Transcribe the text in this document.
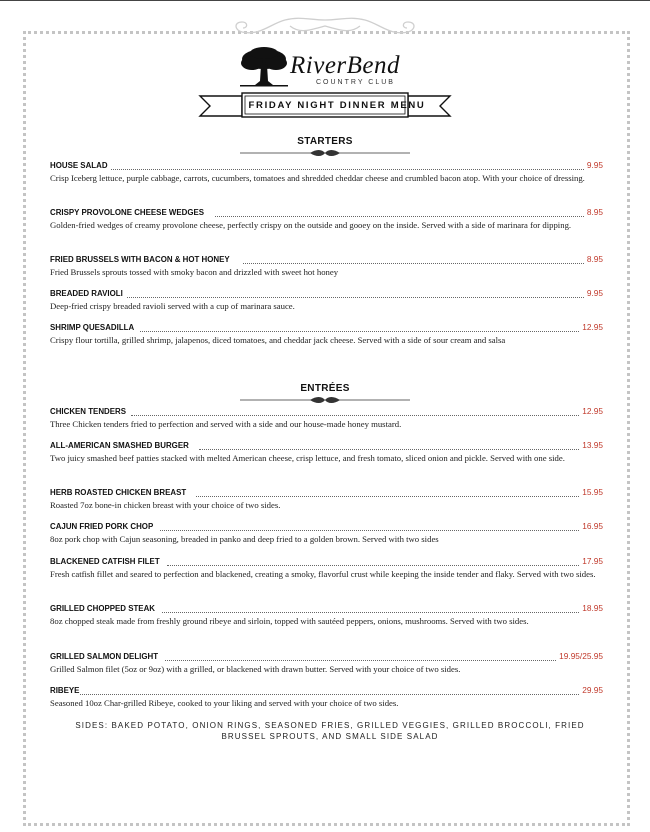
RiverBend
COUNTRY CLUB
FRIDAY NIGHT DINNER MENU
STARTERS
HOUSE SALAD	9.95
Crisp Iceberg lettuce, purple cabbage, carrots, cucumbers, tomatoes and shredded cheddar cheese and crumbled bacon atop. With your choice of dressing.
CRISPY PROVOLONE CHEESE WEDGES	8.95
Golden-fried wedges of creamy provolone cheese, perfectly crispy on the outside and gooey on the inside. Served with a side of marinara for dipping.
FRIED BRUSSELS WITH BACON & HOT HONEY	8.95
Fried Brussels sprouts tossed with smoky bacon and drizzled with sweet hot honey
BREADED RAVIOLI	9.95
Deep-fried crispy breaded ravioli served with a cup of marinara sauce.
SHRIMP QUESADILLA	12.95
Crispy flour tortilla, grilled shrimp, jalapenos, diced tomatoes, and cheddar jack cheese. Served with a side of sour cream and salsa
ENTRÉES
CHICKEN TENDERS	12.95
Three Chicken tenders fried to perfection and served with a side and our house-made honey mustard.
ALL-AMERICAN SMASHED BURGER	13.95
Two juicy smashed beef patties stacked with melted American cheese, crisp lettuce, and fresh tomato, sliced onion and pickle. Served with one side.
HERB ROASTED CHICKEN BREAST	15.95
Roasted 7oz bone-in chicken breast with your choice of two sides.
CAJUN FRIED PORK CHOP	16.95
8oz pork chop with Cajun seasoning, breaded in panko and deep fried to a golden brown. Served with two sides
BLACKENED CATFISH FILET	17.95
Fresh catfish fillet and seared to perfection and blackened, creating a smoky, flavorful crust while keeping the inside tender and flaky. Served with two sides.
GRILLED CHOPPED STEAK	18.95
8oz chopped steak made from freshly ground ribeye and sirloin, topped with sautéed peppers, onions, mushrooms. Served with two sides.
GRILLED SALMON DELIGHT	19.95/25.95
Grilled Salmon filet (5oz or 9oz) with a grilled, or blackened with drawn butter. Served with your choice of two sides.
RIBEYE	29.95
Seasoned 10oz Char-grilled Ribeye, cooked to your liking and served with your choice of two sides.
SIDES: BAKED POTATO, ONION RINGS, SEASONED FRIES, GRILLED VEGGIES, GRILLED BROCCOLI, FRIED BRUSSEL SPROUTS, AND SMALL SIDE SALAD
